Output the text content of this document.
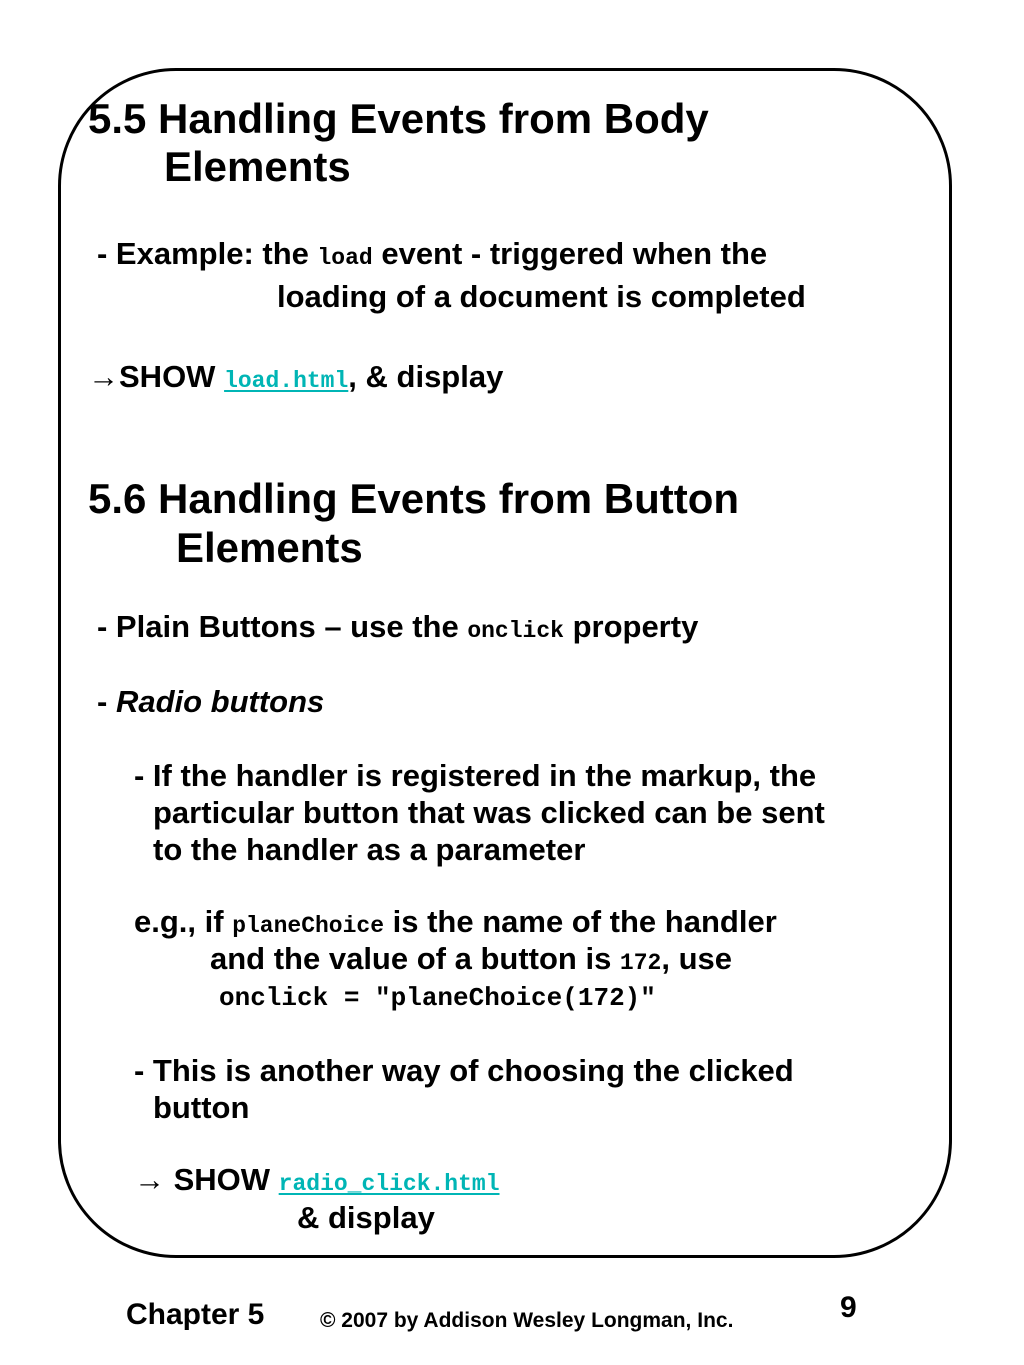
5.5 Handling Events from Body
Elements
- Example: the load event - triggered when the
loading of a document is completed
→SHOW load.html, & display
5.6 Handling Events from Button
Elements
- Plain Buttons – use the onclick property
- Radio buttons
- If the handler is registered in the markup, the
particular button that was clicked can be sent
to the handler as a parameter
e.g., if planeChoice is the name of the handler
and the value of a button is 172, use
onclick = ″planeChoice(172)″
- This is another way of choosing the clicked
button
→ SHOW radio_click.html
& display
Chapter 5	© 2007 by Addison Wesley Longman, Inc.	9
